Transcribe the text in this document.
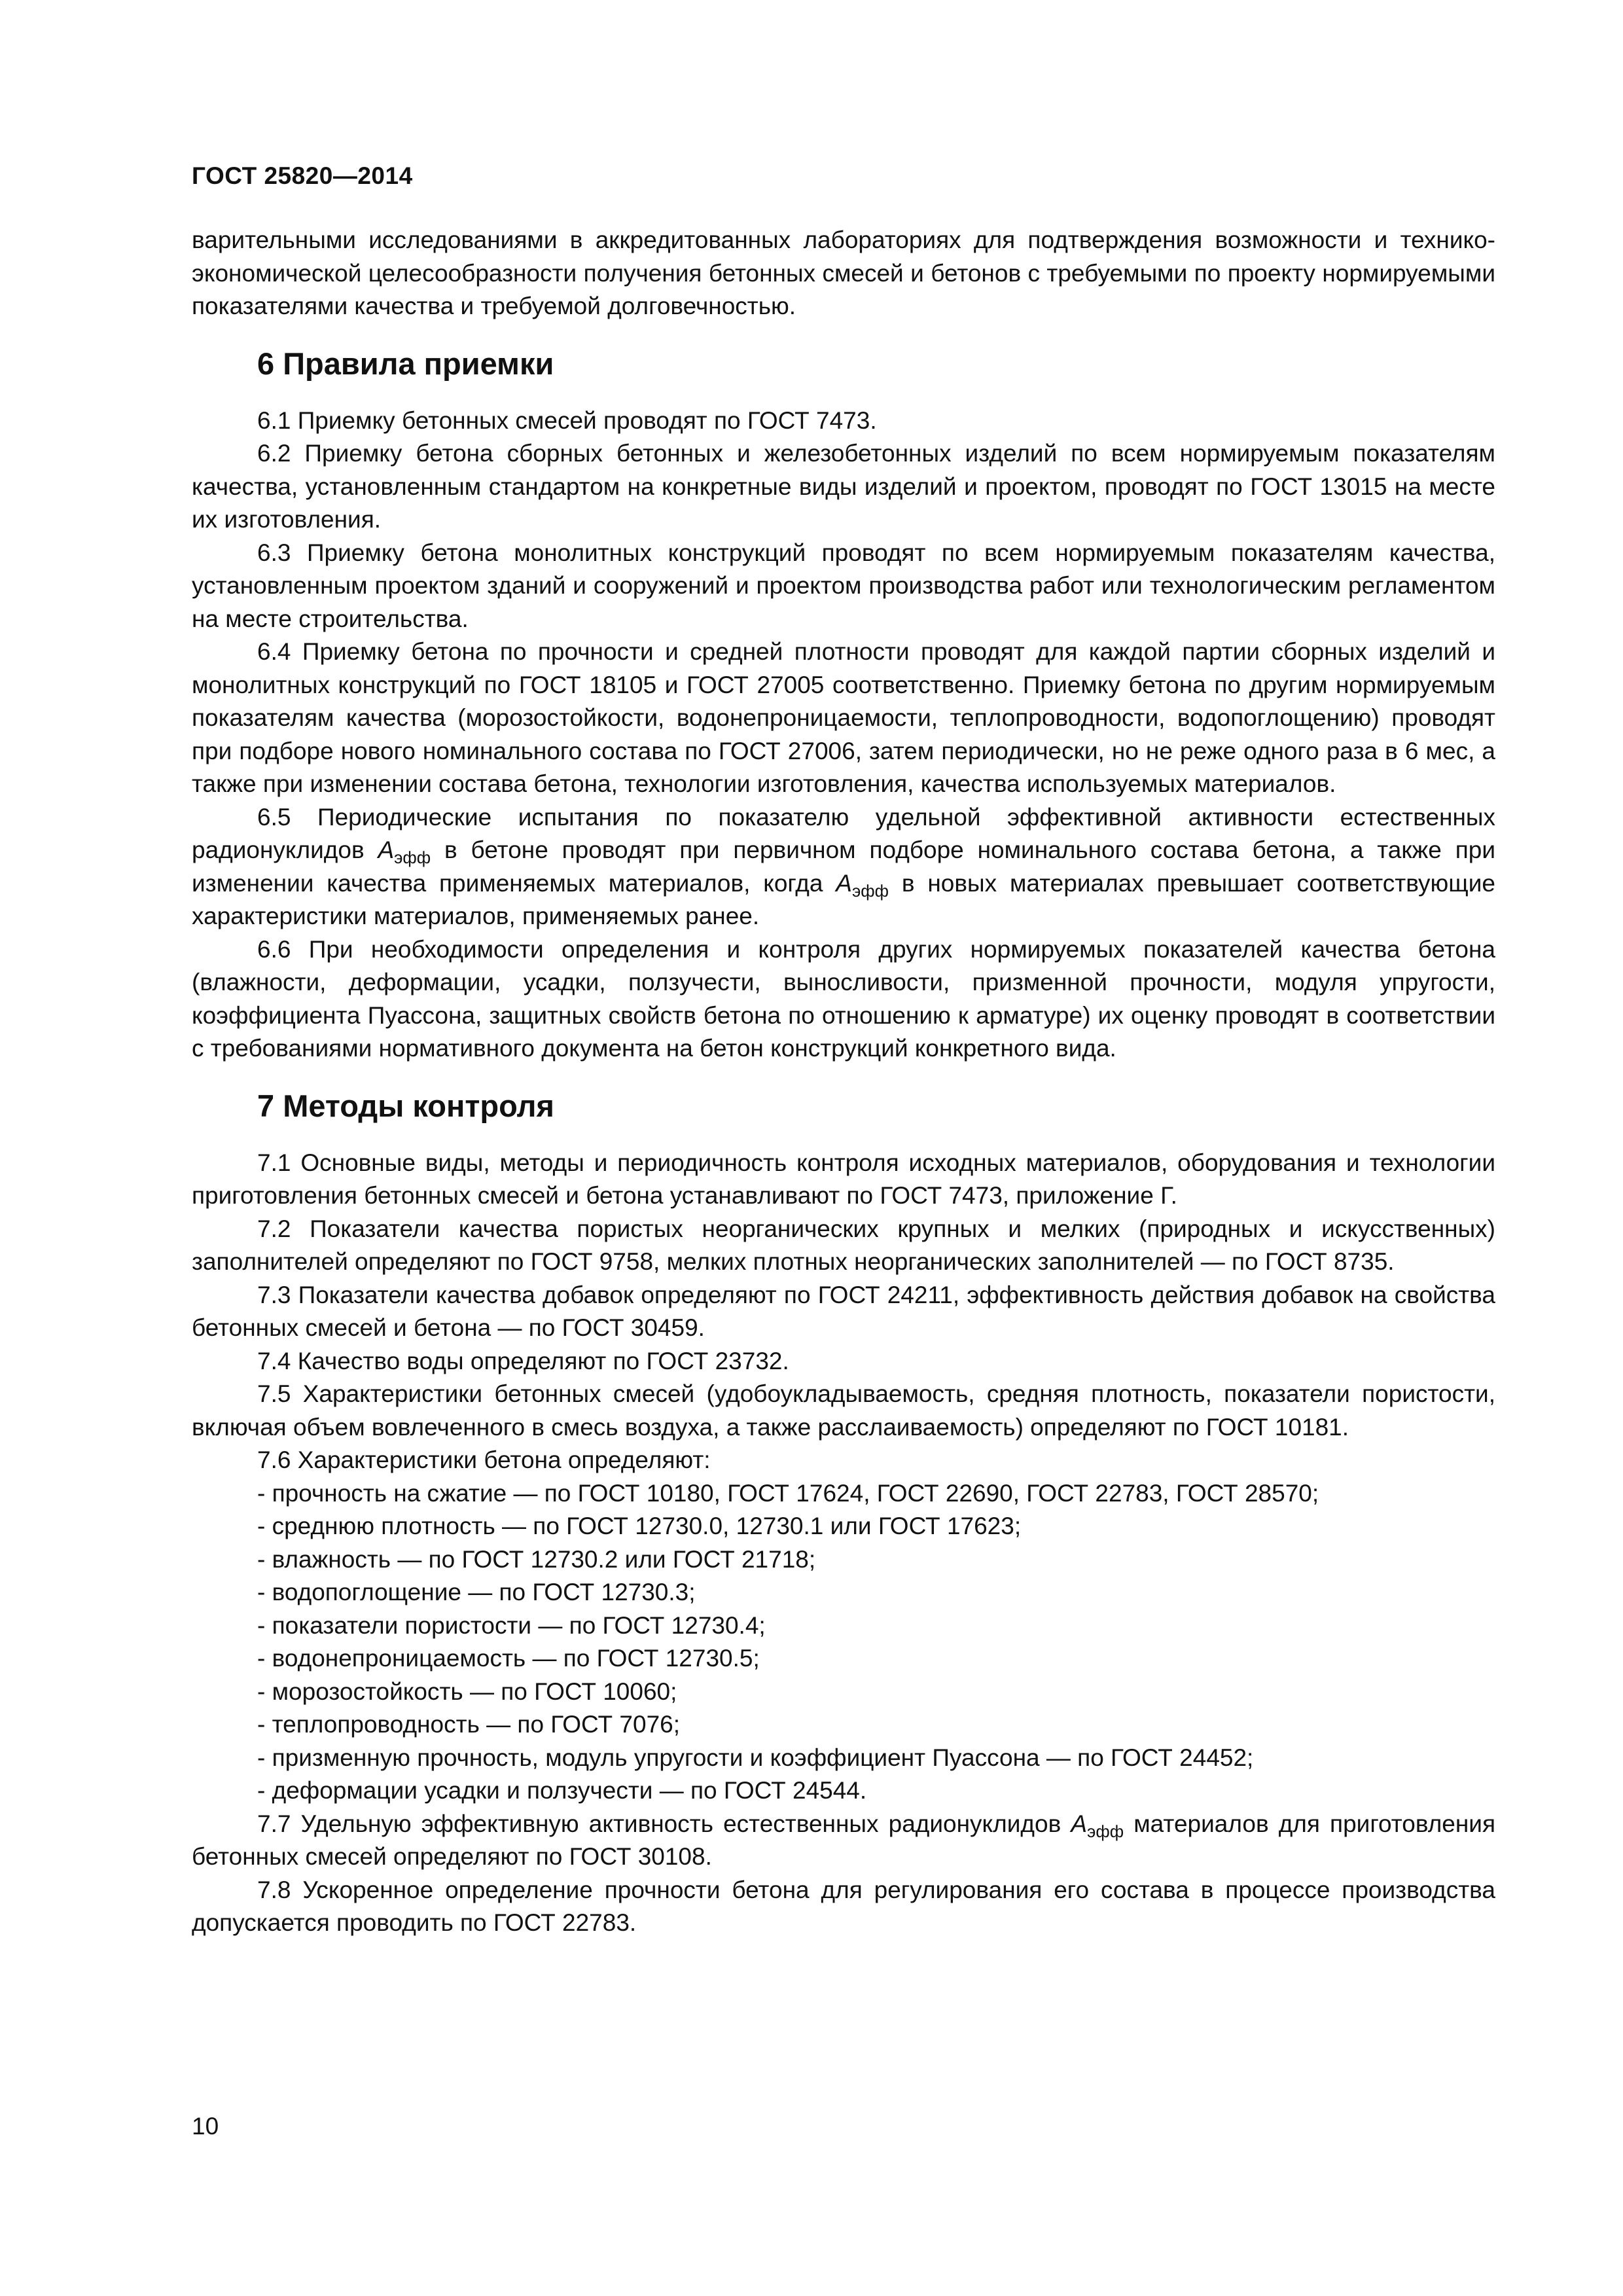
ГОСТ 25820—2014

варительными исследованиями в аккредитованных лабораториях для подтверждения возможности и технико-экономической целесообразности получения бетонных смесей и бетонов с требуемыми по проекту нормируемыми показателями качества и требуемой долговечностью.

6 Правила приемки

6.1 Приемку бетонных смесей проводят по ГОСТ 7473.

6.2 Приемку бетона сборных бетонных и железобетонных изделий по всем нормируемым показателям качества, установленным стандартом на конкретные виды изделий и проектом, проводят по ГОСТ 13015 на месте их изготовления.

6.3 Приемку бетона монолитных конструкций проводят по всем нормируемым показателям качества, установленным проектом зданий и сооружений и проектом производства работ или технологическим регламентом на месте строительства.

6.4 Приемку бетона по прочности и средней плотности проводят для каждой партии сборных изделий и монолитных конструкций по ГОСТ 18105 и ГОСТ 27005 соответственно. Приемку бетона по другим нормируемым показателям качества (морозостойкости, водонепроницаемости, теплопроводности, водопоглощению) проводят при подборе нового номинального состава по ГОСТ 27006, затем периодически, но не реже одного раза в 6 мес, а также при изменении состава бетона, технологии изготовления, качества используемых материалов.

6.5 Периодические испытания по показателю удельной эффективной активности естественных радионуклидов $А_{эфф}$ в бетоне проводят при первичном подборе номинального состава бетона, а также при изменении качества применяемых материалов, когда $А_{эфф}$ в новых материалах превышает соответствующие характеристики материалов, применяемых ранее.

6.6 При необходимости определения и контроля других нормируемых показателей качества бетона (влажности, деформации, усадки, ползучести, выносливости, призменной прочности, модуля упругости, коэффициента Пуассона, защитных свойств бетона по отношению к арматуре) их оценку проводят в соответствии с требованиями нормативного документа на бетон конструкций конкретного вида.

7 Методы контроля

7.1 Основные виды, методы и периодичность контроля исходных материалов, оборудования и технологии приготовления бетонных смесей и бетона устанавливают по ГОСТ 7473, приложение Г.

7.2 Показатели качества пористых неорганических крупных и мелких (природных и искусственных) заполнителей определяют по ГОСТ 9758, мелких плотных неорганических заполнителей — по ГОСТ 8735.

7.3 Показатели качества добавок определяют по ГОСТ 24211, эффективность действия добавок на свойства бетонных смесей и бетона — по ГОСТ 30459.

7.4 Качество воды определяют по ГОСТ 23732.

7.5 Характеристики бетонных смесей (удобоукладываемость, средняя плотность, показатели пористости, включая объем вовлеченного в смесь воздуха, а также расслаиваемость) определяют по ГОСТ 10181.

7.6 Характеристики бетона определяют:

- прочность на сжатие — по ГОСТ 10180, ГОСТ 17624, ГОСТ 22690, ГОСТ 22783, ГОСТ 28570;
- среднюю плотность — по ГОСТ 12730.0, 12730.1 или ГОСТ 17623;
- влажность — по ГОСТ 12730.2 или ГОСТ 21718;
- водопоглощение — по ГОСТ 12730.3;
- показатели пористости — по ГОСТ 12730.4;
- водонепроницаемость — по ГОСТ 12730.5;
- морозостойкость — по ГОСТ 10060;
- теплопроводность — по ГОСТ 7076;
- призменную прочность, модуль упругости и коэффициент Пуассона — по ГОСТ 24452;
- деформации усадки и ползучести — по ГОСТ 24544.

7.7 Удельную эффективную активность естественных радионуклидов $А_{эфф}$ материалов для приготовления бетонных смесей определяют по ГОСТ 30108.

7.8 Ускоренное определение прочности бетона для регулирования его состава в процессе производства допускается проводить по ГОСТ 22783.

10
